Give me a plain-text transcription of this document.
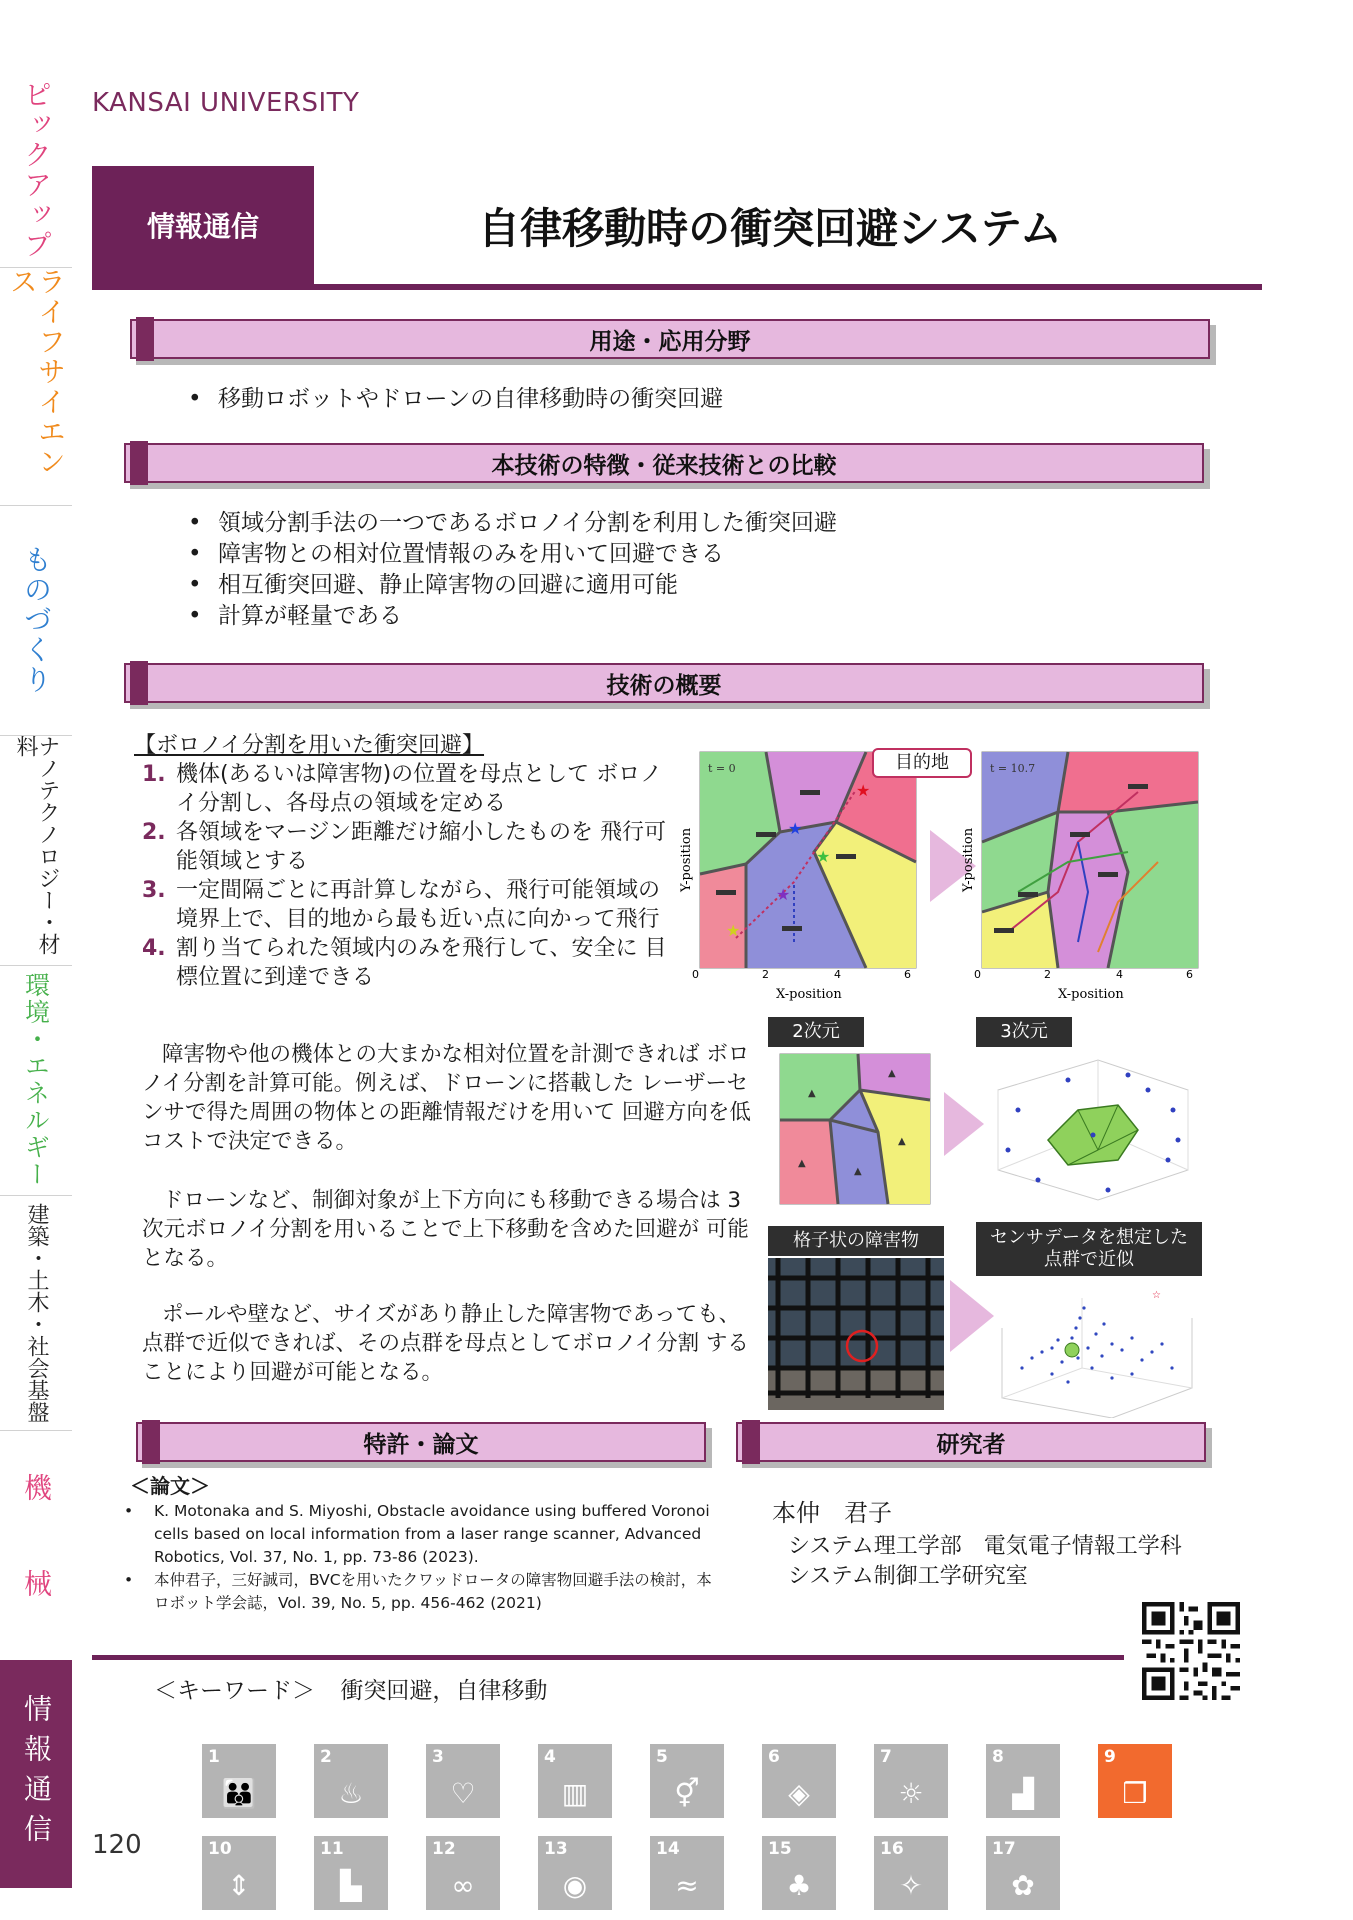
ピックアップ
ライフサイエンス
ものづくり
ナノテクノロジー・材料
環境・エネルギー
建築・土木・社会基盤
機　械
情報通信
KANSAI UNIVERSITY
情報通信	自律移動時の衝突回避システム
用途・応用分野
• 移動ロボットやドローンの自律移動時の衝突回避
本技術の特徴・従来技術との比較
• 領域分割手法の一つであるボロノイ分割を利用した衝突回避
• 障害物との相対位置情報のみを用いて回避できる
• 相互衝突回避、静止障害物の回避に適用可能
• 計算が軽量である
技術の概要
【ボロノイ分割を用いた衝突回避】
1. 機体(あるいは障害物)の位置を母点として ボロノイ分割し、各母点の領域を定める
2. 各領域をマージン距離だけ縮小したものを 飛行可能領域とする
3. 一定間隔ごとに再計算しながら、飛行可能領域の 境界上で、目的地から最も近い点に向かって飛行
4. 割り当てられた領域内のみを飛行して、安全に 目標位置に到達できる
障害物や他の機体との大まかな相対位置を計測できれば ボロノイ分割を計算可能。例えば、ドローンに搭載した レーザーセンサで得た周囲の物体との距離情報だけを用いて 回避方向を低コストで決定できる。
ドローンなど、制御対象が上下方向にも移動できる場合は 3次元ボロノイ分割を用いることで上下移動を含めた回避が 可能となる。
ポールや壁など、サイズがあり静止した障害物であっても、 点群で近似できれば、その点群を母点としてボロノイ分割 することにより回避が可能となる。
t = 0
★
★
★
★
★
0	2	4	6
X-position
Y-position
目的地	t = 10.7
0	2	4	6
X-position
Y-position
2次元	3次元
▲
▲
▲
▲
▲
格子状の障害物	センサデータを想定した 点群で近似
☆
特許・論文	研究者
＜論文＞
•	K. Motonaka and S. Miyoshi, Obstacle avoidance using buffered Voronoi cells based on local information from a laser range scanner, Advanced Robotics, Vol. 37, No. 1, pp. 73-86 (2023).
•	本仲君子，三好誠司，BVCを用いたクワッドロータの障害物回避手法の検討，本ロボット学会誌，Vol. 39, No. 5, pp. 456-462 (2021)
本仲　君子
システム理工学部　電気電子情報工学科
システム制御工学研究室
＜キーワード＞ 衝突回避，自律移動
120
1
👪
2
♨
3
♡
4
▥
5
⚥
6
◈
7
☼
8
▟
9
❒
10
⇕
11
▙
12
∞
13
◉
14
≈
15
♣
16
✧
17
✿
